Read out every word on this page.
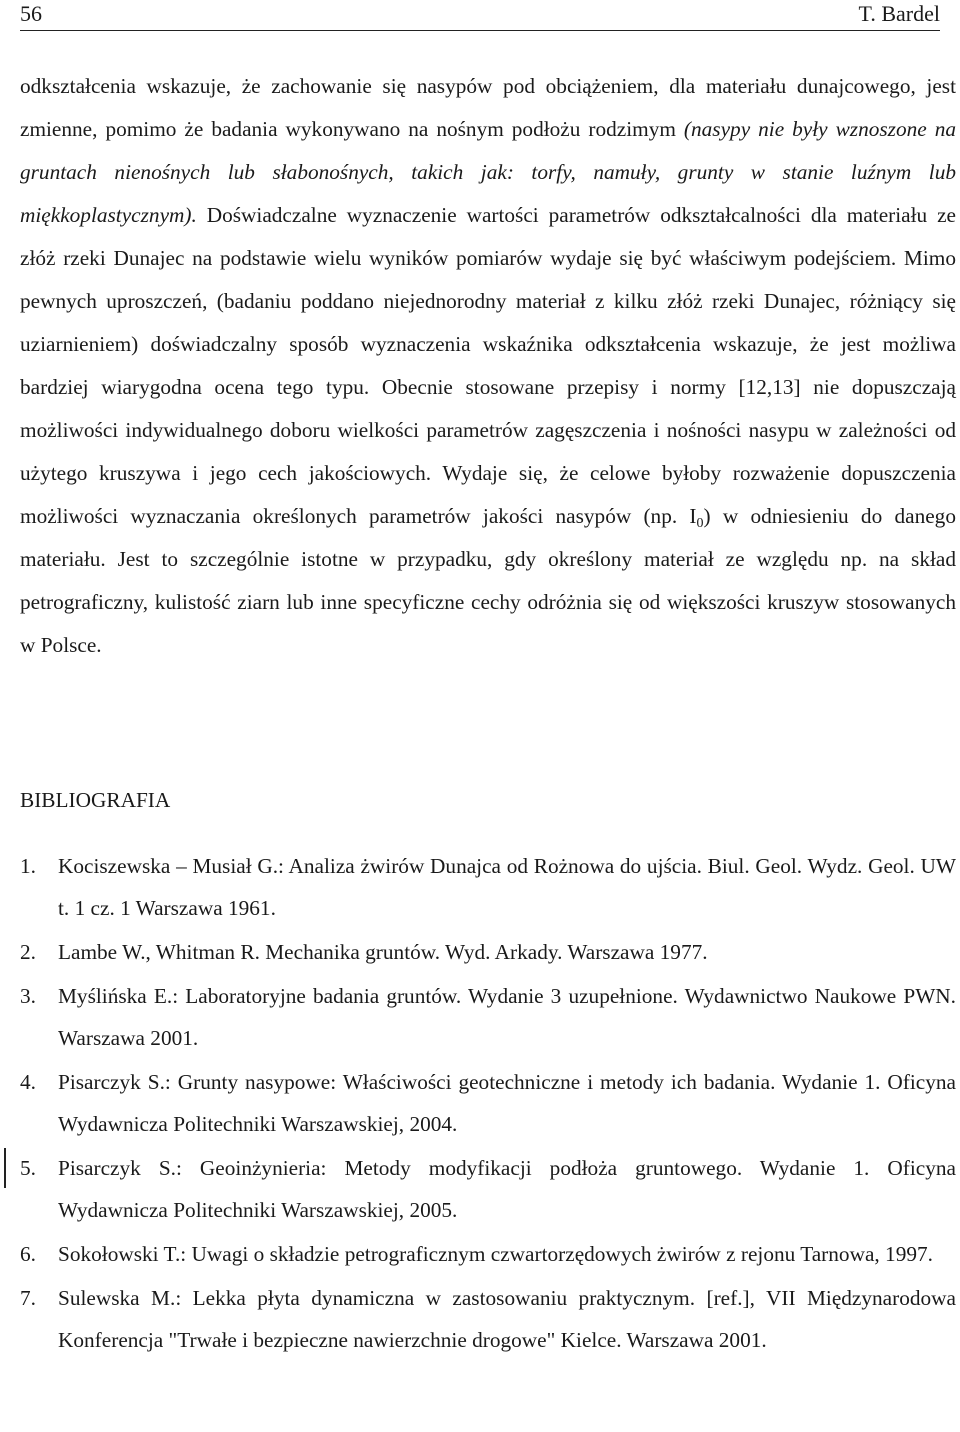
56	T. Bardel

odkształcenia wskazuje, że zachowanie się nasypów pod obciążeniem, dla materiału dunajcowego, jest zmienne, pomimo że badania wykonywano na nośnym podłożu rodzimym (nasypy nie były wznoszone na gruntach nienośnych lub słabonośnych, takich jak: torfy, namuły, grunty w stanie luźnym lub miękkoplastycznym). Doświadczalne wyznaczenie wartości parametrów odkształcalności dla materiału ze złóż rzeki Dunajec na podstawie wielu wyników pomiarów wydaje się być właściwym podejściem. Mimo pewnych uproszczeń, (badaniu poddano niejednorodny materiał z kilku złóż rzeki Dunajec, różniący się uziarnieniem) doświadczalny sposób wyznaczenia wskaźnika odkształcenia wskazuje, że jest możliwa bardziej wiarygodna ocena tego typu. Obecnie stosowane przepisy i normy [12,13] nie dopuszczają możliwości indywidualnego doboru wielkości parametrów zagęszczenia i nośności nasypu w zależności od użytego kruszywa i jego cech jakościowych. Wydaje się, że celowe byłoby rozważenie dopuszczenia możliwości wyznaczania określonych parametrów jakości nasypów (np. $I_0$) w odniesieniu do danego materiału. Jest to szczególnie istotne w przypadku, gdy określony materiał ze względu np. na skład petrograficzny, kulistość ziarn lub inne specyficzne cechy odróżnia się od większości kruszyw stosowanych w Polsce.

BIBLIOGRAFIA
1. Kociszewska – Musiał G.: Analiza żwirów Dunajca od Rożnowa do ujścia. Biul. Geol. Wydz. Geol. UW t. 1 cz. 1 Warszawa 1961.
2. Lambe W., Whitman R. Mechanika gruntów. Wyd. Arkady. Warszawa 1977.
3. Myślińska E.: Laboratoryjne badania gruntów. Wydanie 3 uzupełnione. Wydawnictwo Naukowe PWN. Warszawa 2001.
4. Pisarczyk S.: Grunty nasypowe: Właściwości geotechniczne i metody ich badania. Wydanie 1. Oficyna Wydawnicza Politechniki Warszawskiej, 2004.
5. Pisarczyk S.: Geoinżynieria: Metody modyfikacji podłoża gruntowego. Wydanie 1. Oficyna Wydawnicza Politechniki Warszawskiej, 2005.
6. Sokołowski T.: Uwagi o składzie petrograficznym czwartorzędowych żwirów z rejonu Tarnowa, 1997.
7. Sulewska M.: Lekka płyta dynamiczna w zastosowaniu praktycznym. [ref.], VII Międzynarodowa Konferencja "Trwałe i bezpieczne nawierzchnie drogowe" Kielce. Warszawa 2001.
